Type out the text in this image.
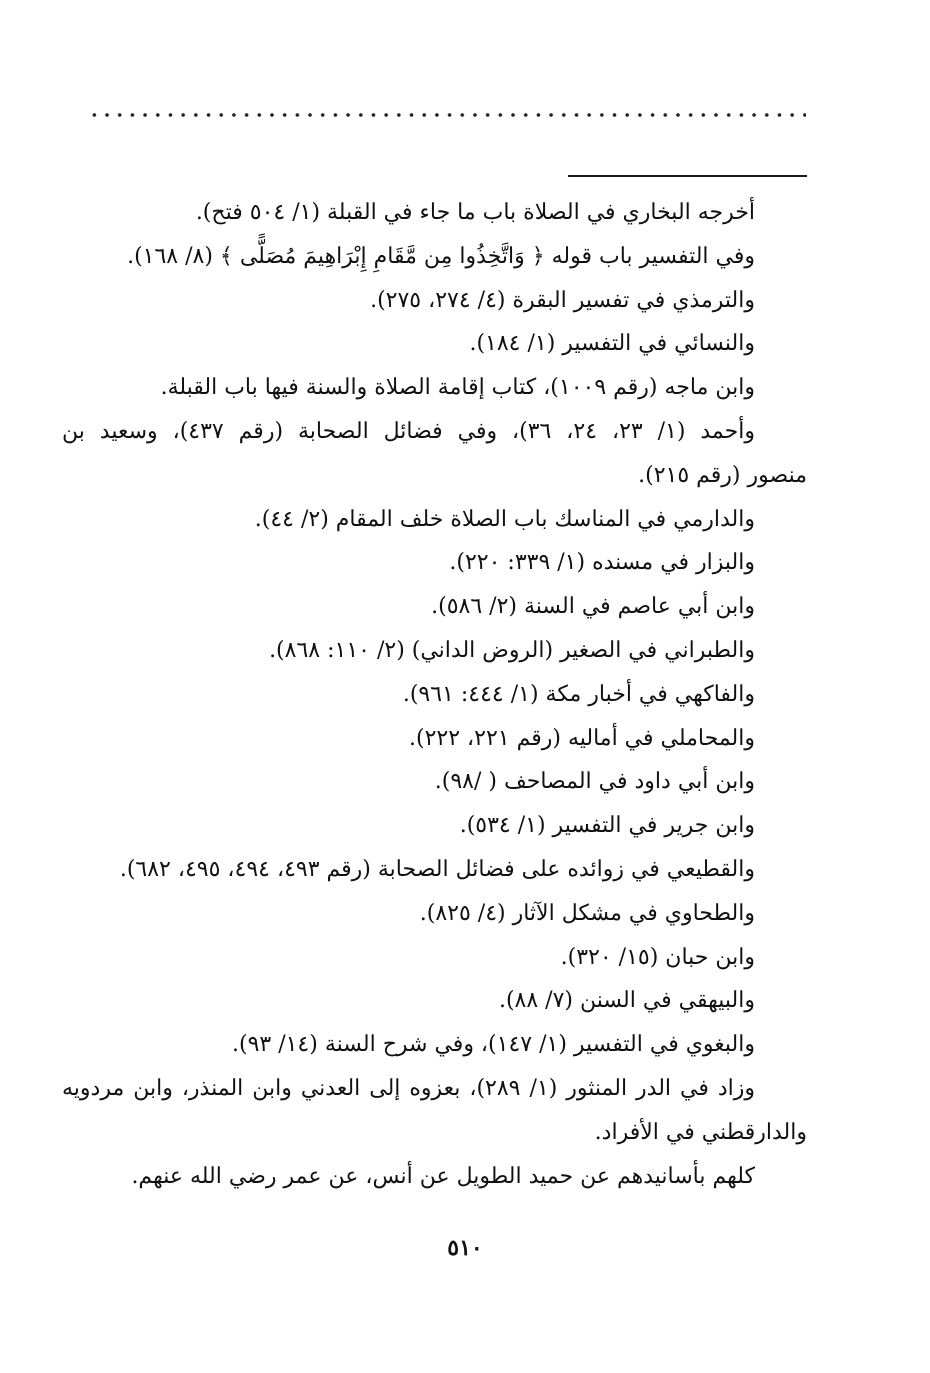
أخرجه البخاري في الصلاة باب ما جاء في القبلة (١/ ٥٠٤ فتح).

وفي التفسير باب قوله ﴿ وَاتَّخِذُوا مِن مَّقَامِ إِبْرَاهِيمَ مُصَلًّى ﴾ (٨/ ١٦٨).

والترمذي في تفسير البقرة (٤/ ٢٧٤، ٢٧٥).

والنسائي في التفسير (١/ ١٨٤).

وابن ماجه (رقم ١٠٠٩)، كتاب إقامة الصلاة والسنة فيها باب القبلة.

وأحمد (١/ ٢٣، ٢٤، ٣٦)، وفي فضائل الصحابة (رقم ٤٣٧)، وسعيد بن

منصور (رقم ٢١٥).

والدارمي في المناسك باب الصلاة خلف المقام (٢/ ٤٤).

والبزار في مسنده (١/ ٣٣٩: ٢٢٠).

وابن أبي عاصم في السنة (٢/ ٥٨٦).

والطبراني في الصغير (الروض الداني) (٢/ ١١٠: ٨٦٨).

والفاكهي في أخبار مكة (١/ ٤٤٤: ٩٦١).

والمحاملي في أماليه (رقم ٢٢١، ٢٢٢).

وابن أبي داود في المصاحف ( /٩٨).

وابن جرير في التفسير (١/ ٥٣٤).

والقطيعي في زوائده على فضائل الصحابة (رقم ٤٩٣، ٤٩٤، ٤٩٥، ٦٨٢).

والطحاوي في مشكل الآثار (٤/ ٨٢٥).

وابن حبان (١٥/ ٣٢٠).

والبيهقي في السنن (٧/ ٨٨).

والبغوي في التفسير (١/ ١٤٧)، وفي شرح السنة (١٤/ ٩٣).

وزاد في الدر المنثور (١/ ٢٨٩)، بعزوه إلى العدني وابن المنذر، وابن مردويه

والدارقطني في الأفراد.

كلهم بأسانيدهم عن حميد الطويل عن أنس، عن عمر رضي الله عنهم.

٥١٠
